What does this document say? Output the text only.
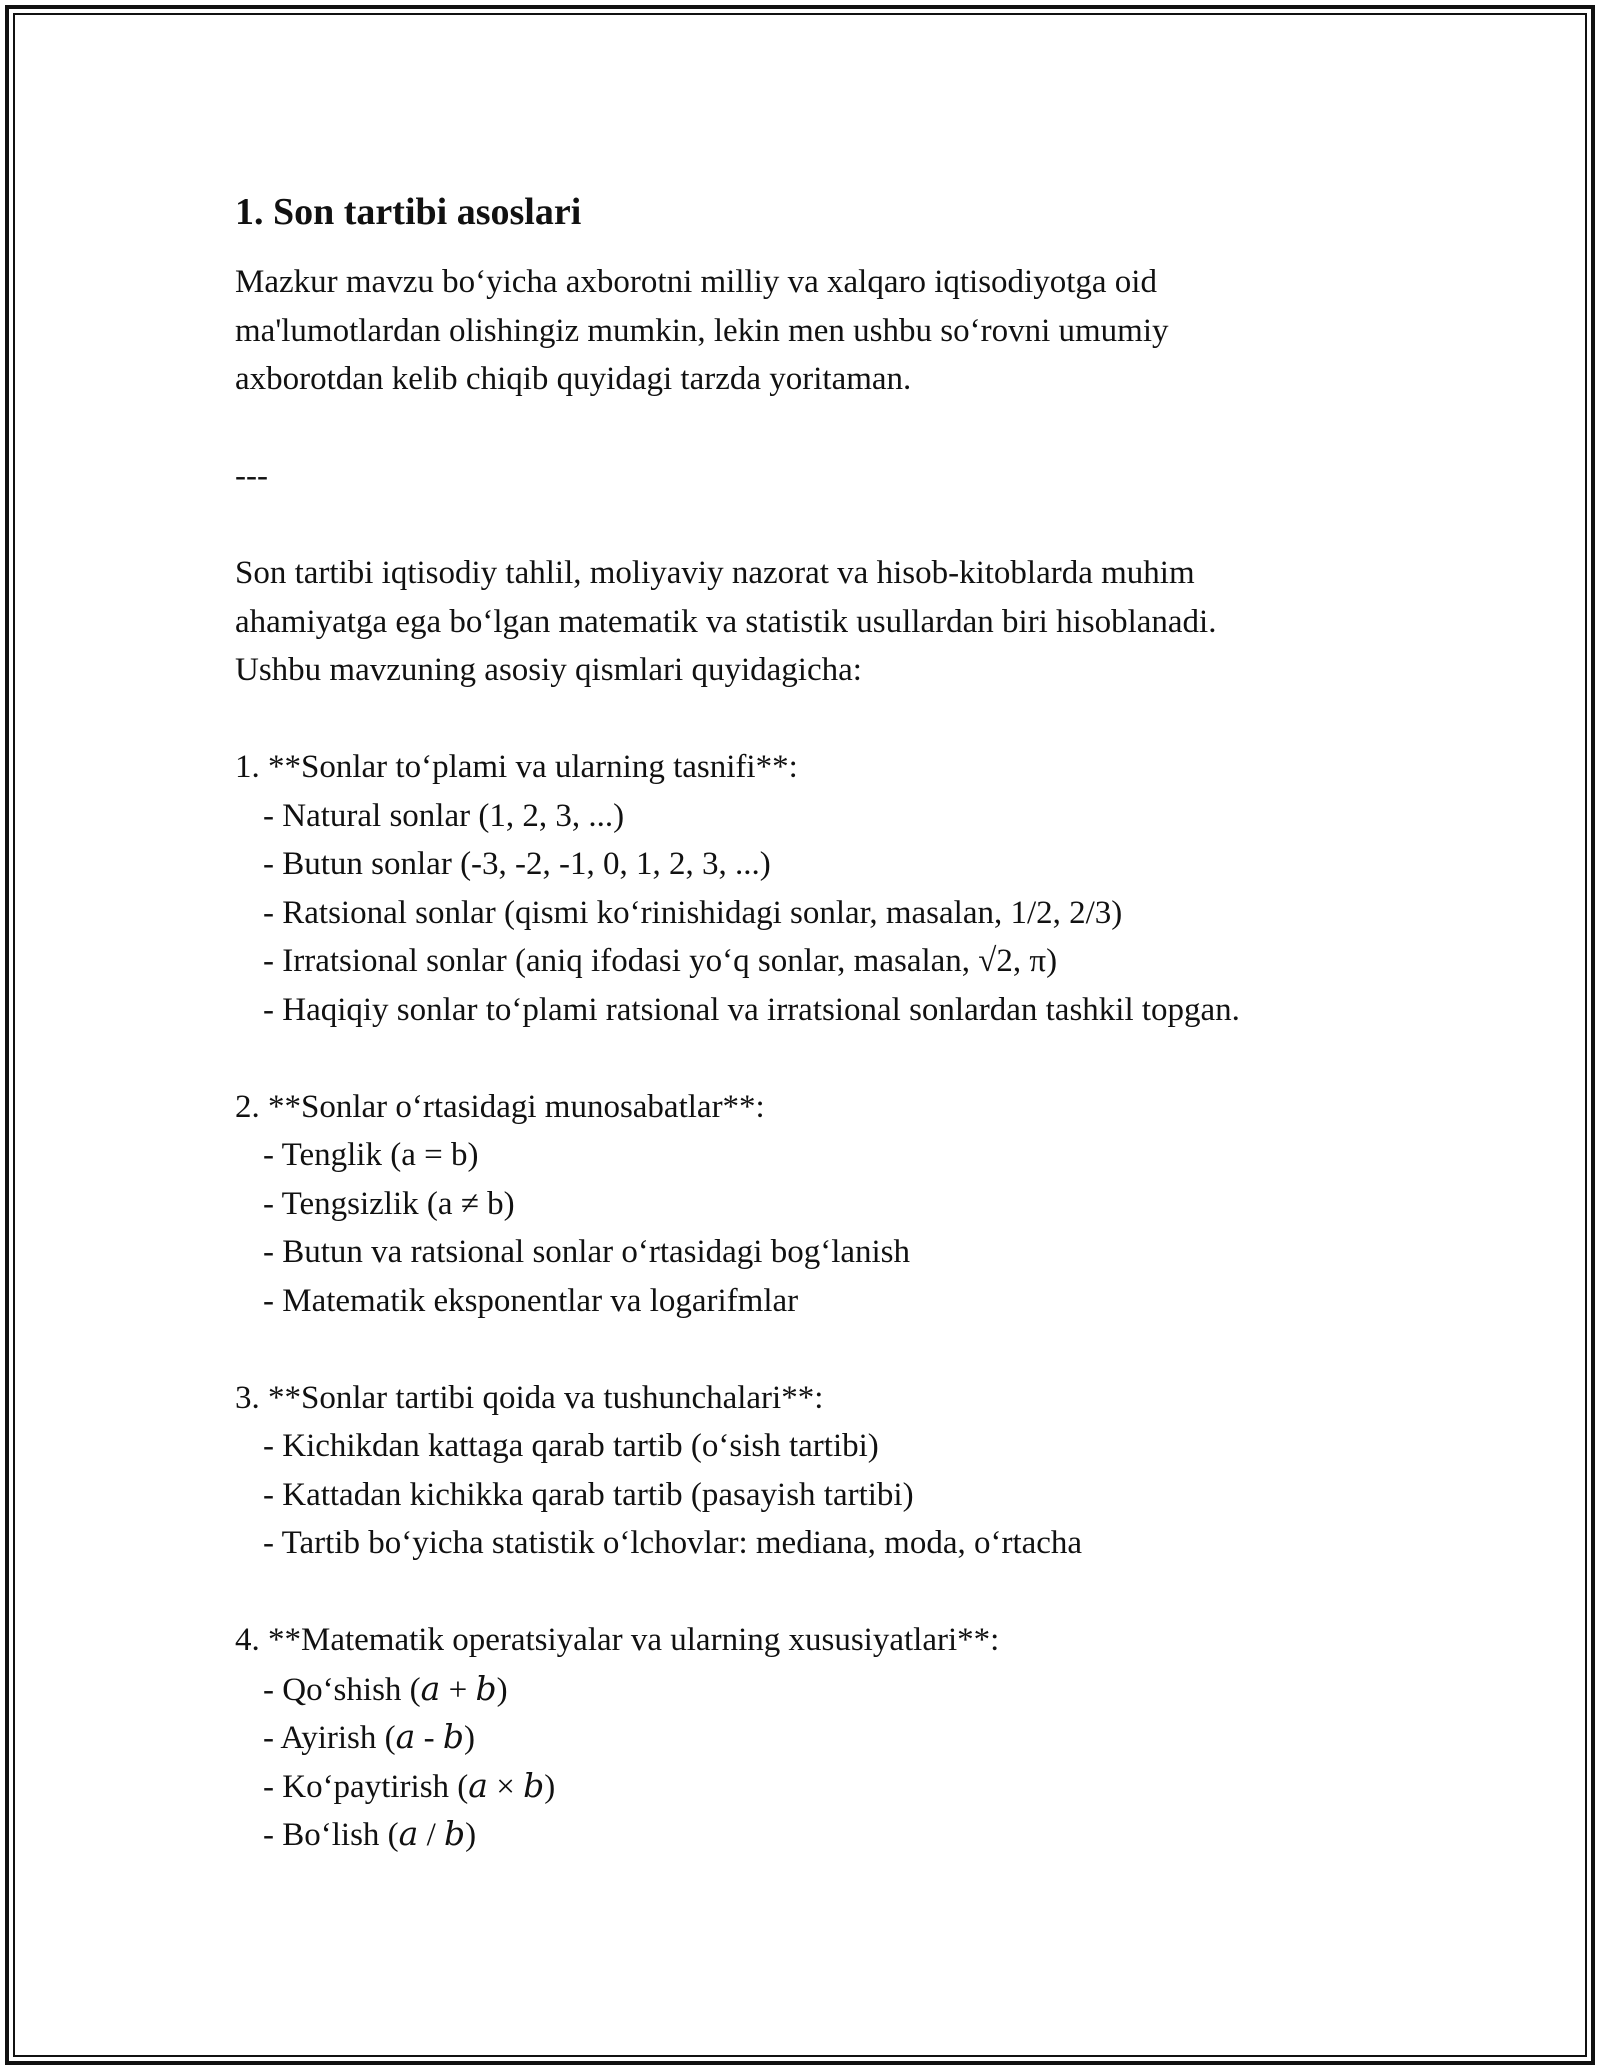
1. Son tartibi asoslari
Mazkur mavzu bo‘yicha axborotni milliy va xalqaro iqtisodiyotga oid
ma'lumotlardan olishingiz mumkin, lekin men ushbu so‘rovni umumiy
axborotdan kelib chiqib quyidagi tarzda yoritaman.
---
Son tartibi iqtisodiy tahlil, moliyaviy nazorat va hisob-kitoblarda muhim
ahamiyatga ega bo‘lgan matematik va statistik usullardan biri hisoblanadi.
Ushbu mavzuning asosiy qismlari quyidagicha:
1. **Sonlar to‘plami va ularning tasnifi**:
- Natural sonlar (1, 2, 3, ...)
- Butun sonlar (-3, -2, -1, 0, 1, 2, 3, ...)
- Ratsional sonlar (qismi ko‘rinishidagi sonlar, masalan, 1/2, 2/3)
- Irratsional sonlar (aniq ifodasi yo‘q sonlar, masalan, √2, π)
- Haqiqiy sonlar to‘plami ratsional va irratsional sonlardan tashkil topgan.
2. **Sonlar o‘rtasidagi munosabatlar**:
- Tenglik (a = b)
- Tengsizlik (a ≠ b)
- Butun va ratsional sonlar o‘rtasidagi bog‘lanish
- Matematik eksponentlar va logarifmlar
3. **Sonlar tartibi qoida va tushunchalari**:
- Kichikdan kattaga qarab tartib (o‘sish tartibi)
- Kattadan kichikka qarab tartib (pasayish tartibi)
- Tartib bo‘yicha statistik o‘lchovlar: mediana, moda, o‘rtacha
4. **Matematik operatsiyalar va ularning xususiyatlari**:
- Qo‘shish (a + b)
- Ayirish (a - b)
- Ko‘paytirish (a × b)
- Bo‘lish (a / b)
